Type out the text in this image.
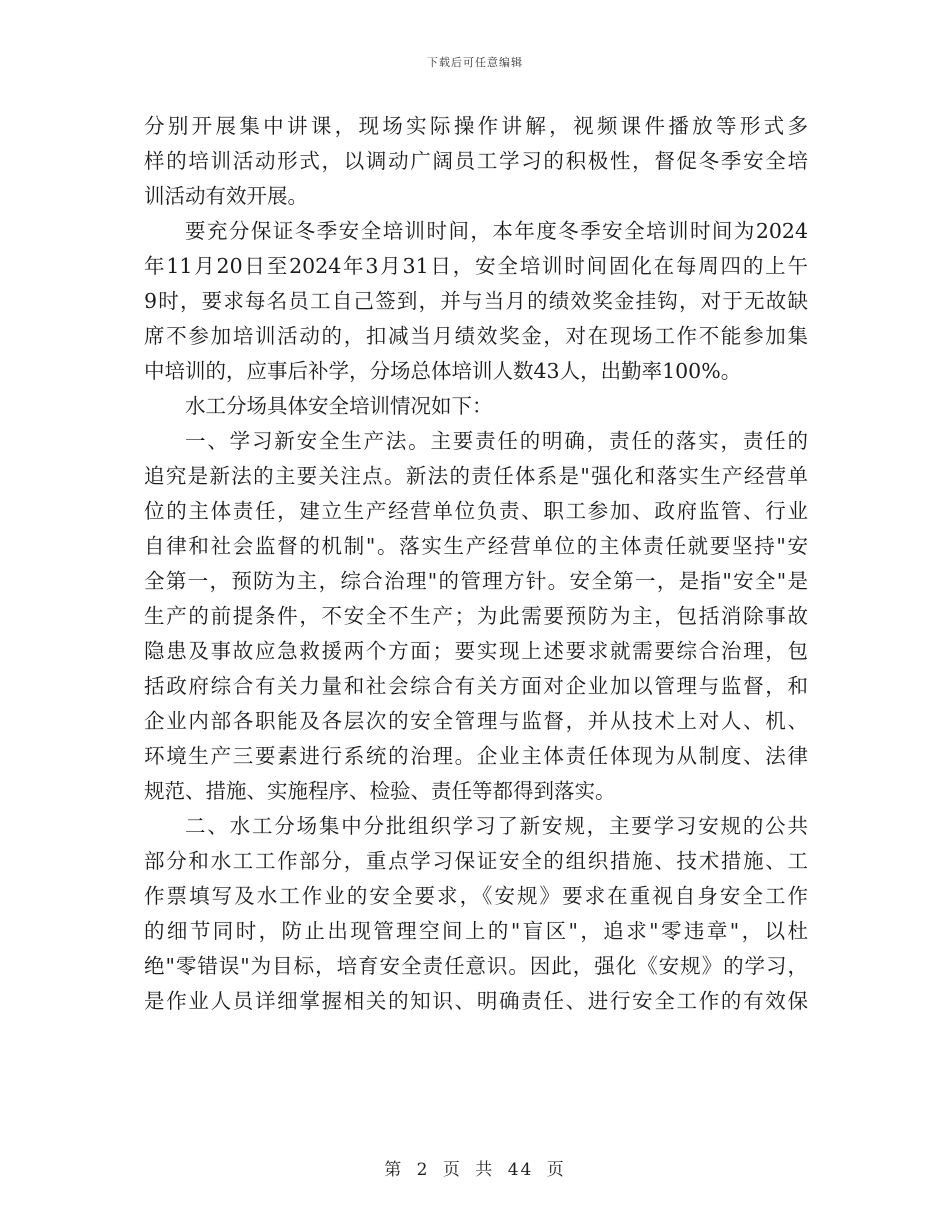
下载后可任意编辑
分别开展集中讲课，现场实际操作讲解，视频课件播放等形式多
样的培训活动形式，以调动广阔员工学习的积极性，督促冬季安全培
训活动有效开展。
要充分保证冬季安全培训时间，本年度冬季安全培训时间为2024
年11月20日至2024年3月31日，安全培训时间固化在每周四的上午
9时，要求每名员工自己签到，并与当月的绩效奖金挂钩，对于无故缺
席不参加培训活动的，扣减当月绩效奖金，对在现场工作不能参加集
中培训的，应事后补学，分场总体培训人数43人，出勤率100%。
水工分场具体安全培训情况如下：
一、学习新安全生产法。主要责任的明确，责任的落实，责任的
追究是新法的主要关注点。新法的责任体系是"强化和落实生产经营单
位的主体责任，建立生产经营单位负责、职工参加、政府监管、行业
自律和社会监督的机制"。落实生产经营单位的主体责任就要坚持"安
全第一，预防为主，综合治理"的管理方针。安全第一，是指"安全"是
生产的前提条件，不安全不生产；为此需要预防为主，包括消除事故
隐患及事故应急救援两个方面；要实现上述要求就需要综合治理，包
括政府综合有关力量和社会综合有关方面对企业加以管理与监督，和
企业内部各职能及各层次的安全管理与监督，并从技术上对人、机、
环境生产三要素进行系统的治理。企业主体责任体现为从制度、法律
规范、措施、实施程序、检验、责任等都得到落实。
二、水工分场集中分批组织学习了新安规，主要学习安规的公共
部分和水工工作部分，重点学习保证安全的组织措施、技术措施、工
作票填写及水工作业的安全要求，《安规》要求在重视自身安全工作
的细节同时，防止出现管理空间上的"盲区"，追求"零违章"，以杜
绝"零错误"为目标，培育安全责任意识。因此，强化《安规》的学习，
是作业人员详细掌握相关的知识、明确责任、进行安全工作的有效保
第 2 页 共 44 页
